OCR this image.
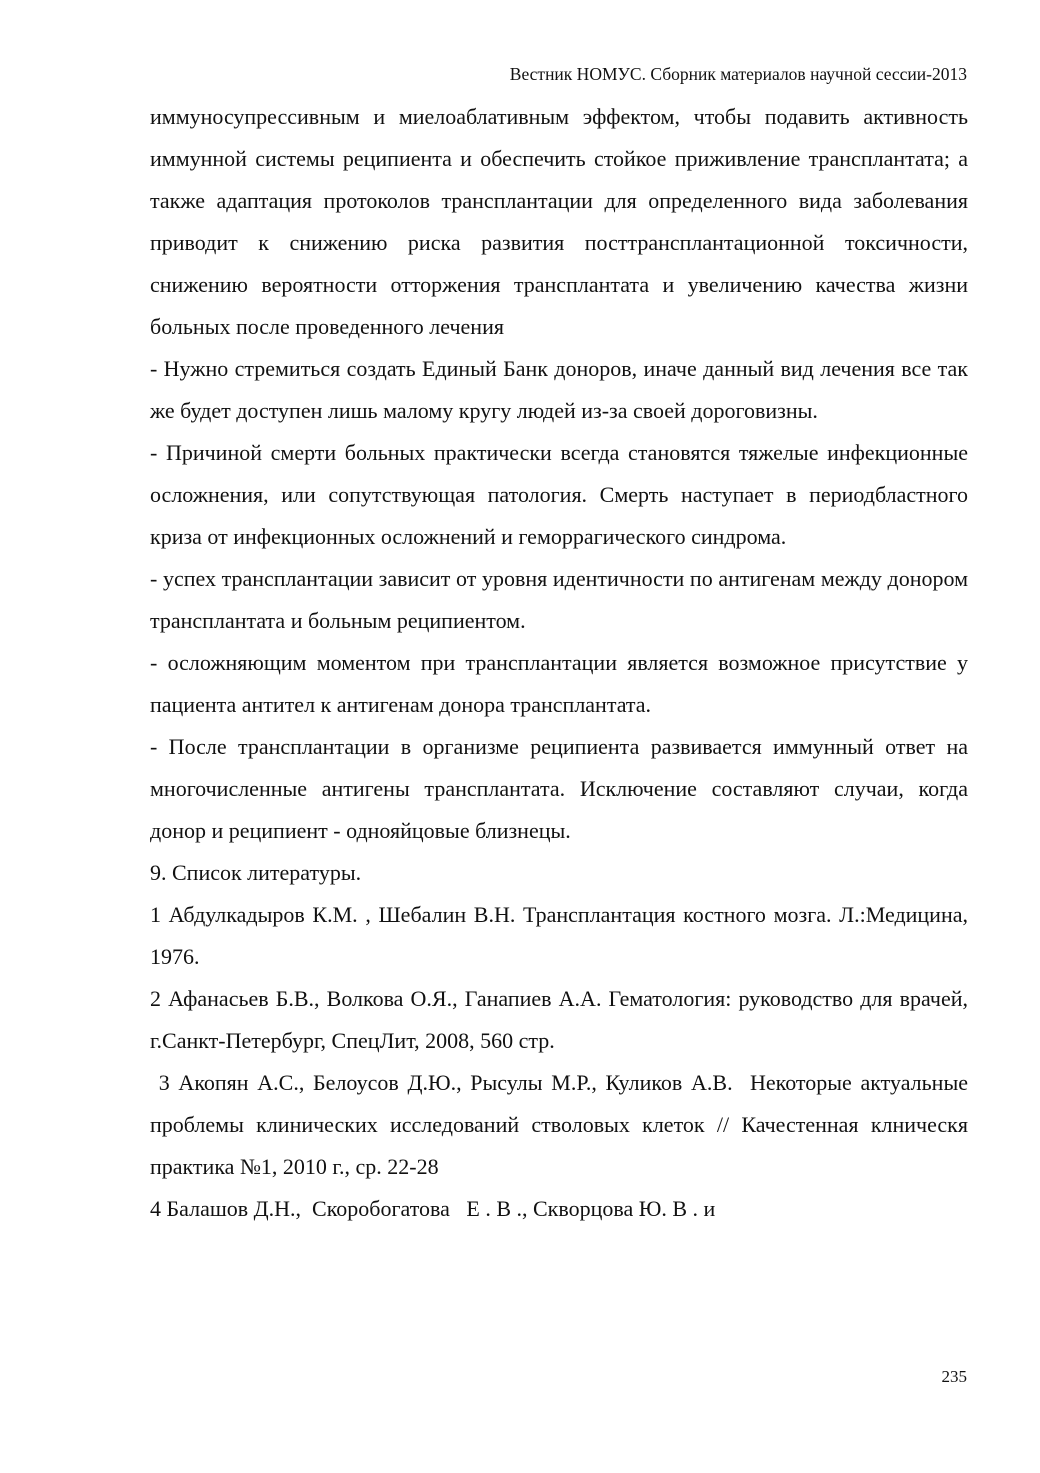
Вестник НОМУС. Сборник материалов научной сессии-2013

иммуносупрессивным и миелоаблативным эффектом, чтобы подавить активность иммунной системы реципиента и обеспечить стойкое приживление трансплантата; а также адаптация протоколов трансплантации для определенного вида заболевания приводит к снижению риска развития посттрансплантационной токсичности, снижению вероятности отторжения трансплантата и увеличению качества жизни больных после проведенного лечения

- Нужно стремиться создать Единый Банк доноров, иначе данный вид лечения все так же будет доступен лишь малому кругу людей из-за своей дороговизны.

- Причиной смерти больных практически всегда становятся тяжелые инфекционные осложнения, или сопутствующая патология. Смерть наступает в периодбластного криза от инфекционных осложнений и геморрагического синдрома.

- успех трансплантации зависит от уровня идентичности по антигенам между донором трансплантата и больным реципиентом.

- осложняющим моментом при трансплантации является возможное присутствие у пациента антител к антигенам донора трансплантата.

- После трансплантации в организме реципиента развивается иммунный ответ на многочисленные антигены трансплантата. Исключение составляют случаи, когда донор и реципиент - однояйцовые близнецы.

9. Список литературы.

1 Абдулкадыров К.М. , Шебалин В.Н. Трансплантация костного мозга. Л.:Медицина, 1976.

2 Афанасьев Б.В., Волкова О.Я., Ганапиев А.А. Гематология: руководство для врачей, г.Санкт-Петербург, СпецЛит, 2008, 560 стр.

3 Акопян А.С., Белоусов Д.Ю., Рысулы М.Р., Куликов А.В.  Некоторые актуальные проблемы клинических исследований стволовых клеток // Качестенная клническя практика №1, 2010 г., ср. 22-28

4 Балашов Д.Н.,  Скоробогатова   Е . В ., Скворцова Ю. В . и

235
